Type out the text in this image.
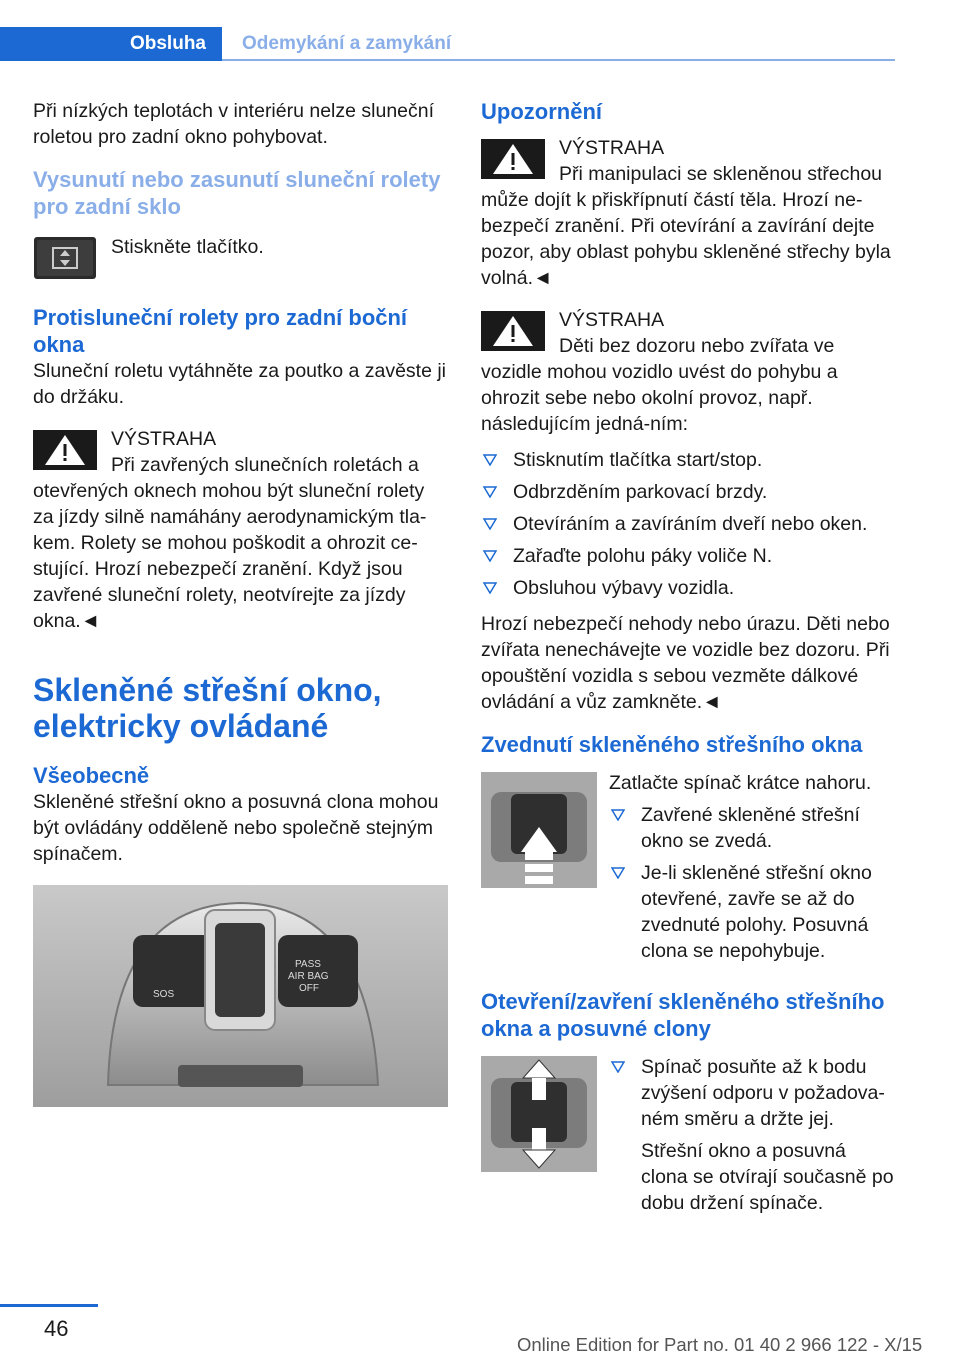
Obsluha	Odemykání a zamykání

Při nízkých teplotách v interiéru nelze sluneční roletou pro zadní okno pohybovat.

Vysunutí nebo zasunutí sluneční rolety pro zadní sklo

Stiskněte tlačítko.

Protisluneční rolety pro zadní boční okna

Sluneční roletu vytáhněte za poutko a zavěste ji do držáku.

VÝSTRAHA

Při zavřených slunečních roletách a otevřených oknech mohou být sluneční rolety za jízdy silně namáhány aerodynamickým tla-kem. Rolety se mohou poškodit a ohrozit ce-stující. Hrozí nebezpečí zranění. Když jsou zavřené sluneční rolety, neotvírejte za jízdy okna.◄

Skleněné střešní okno, elektricky ovládané
Všeobecně

Skleněné střešní okno a posuvná clona mohou být ovládány odděleně nebo společně stejným spínačem.

SOS
PASS
AIR BAG
OFF
Upozornění

VÝSTRAHA

Při manipulaci se skleněnou střechou může dojít k přiskřípnutí částí těla. Hrozí ne-bezpečí zranění. Při otevírání a zavírání dejte pozor, aby oblast pohybu skleněné střechy byla volná.◄

VÝSTRAHA

Děti bez dozoru nebo zvířata ve vozidle mohou vozidlo uvést do pohybu a ohrozit sebe nebo okolní provoz, např. následujícím jedná-ním:

Stisknutím tlačítka start/stop.
Odbrzděním parkovací brzdy.
Otevíráním a zavíráním dveří nebo oken.
Zařaďte polohu páky voliče N.
Obsluhou výbavy vozidla.

Hrozí nebezpečí nehody nebo úrazu. Děti nebo zvířata nenechávejte ve vozidle bez dozoru. Při opouštění vozidla s sebou vezměte dálkové ovládání a vůz zamkněte.◄

Zvednutí skleněného střešního okna

Zatlačte spínač krátce nahoru.

Zavřené skleněné střešní okno se zvedá.
Je-li skleněné střešní okno otevřené, zavře se až do zvednuté polohy. Posuvná clona se nepohybuje.
Otevření/zavření skleněného střešního okna a posuvné clony
Spínač posuňte až k bodu zvýšení odporu v požadova-ném směru a držte jej.

Střešní okno a posuvná clona se otvírají současně po dobu držení spínače.

46
Online Edition for Part no. 01 40 2 966 122 - X/15
